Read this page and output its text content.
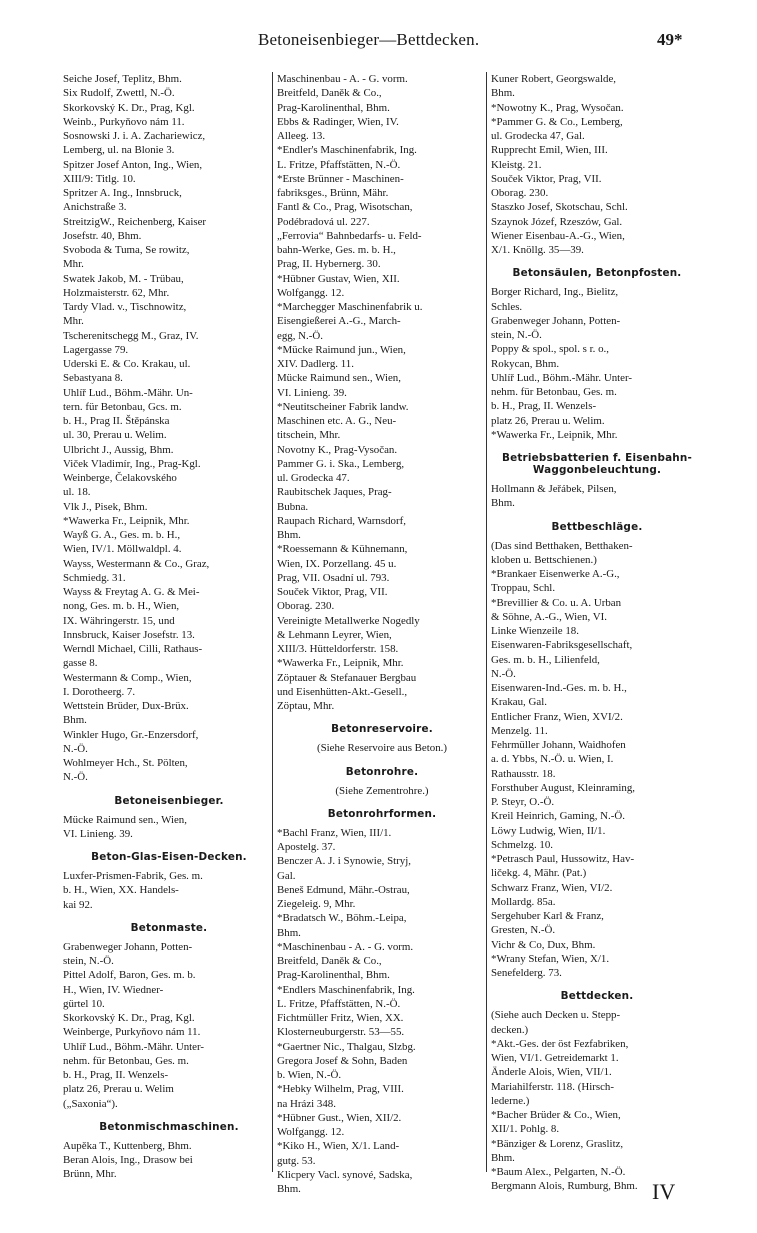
Betoneisenbieger—Bettdecken.	49*
Seiche Josef, Teplitz, Bhm.
Six Rudolf, Zwettl, N.-Ö.
Skorkovský K. Dr., Prag, Kgl.
Weinb., Purkyňovo nám 11.
Sosnowski J. i. A. Zachariewicz,
Lemberg, ul. na Blonie 3.
Spitzer Josef Anton, Ing., Wien,
XIII/9: Titlg. 10.
Spritzer A. Ing., Innsbruck,
Anichstraße 3.
StreitzigW., Reichenberg, Kaiser
Josefstr. 40, Bhm.
Svoboda & Tuma, Se rowitz,
Mhr.
Swatek Jakob, M. - Trübau,
Holzmaisterstr. 62, Mhr.
Tardy Vlad. v., Tischnowitz,
Mhr.
Tscherenitschegg M., Graz, IV.
Lagergasse 79.
Uderski E. & Co. Krakau, ul.
Sebastyana 8.
Uhlíř Lud., Böhm.-Mähr. Un-
tern. für Betonbau, Gcs. m.
b. H., Prag II. Štěpánska
ul. 30, Prerau u. Welim.
Ulbricht J., Aussig, Bhm.
Viček Vladimír, Ing., Prag-Kgl.
Weinberge, Čelakovského
ul. 18.
Vlk J., Pisek, Bhm.
*Wawerka Fr., Leipnik, Mhr.
Wayß G. A., Ges. m. b. H.,
Wien, IV/1. Möllwaldpl. 4.
Wayss, Westermann & Co., Graz,
Schmiedg. 31.
Wayss & Freytag A. G. & Mei-
nong, Ges. m. b. H., Wien,
IX. Währingerstr. 15, und
Innsbruck, Kaiser Josefstr. 13.
Werndl Michael, Cilli, Rathaus-
gasse 8.
Westermann & Comp., Wien,
I. Dorotheerg. 7.
Wettstein Brüder, Dux-Brüx.
Bhm.
Winkler Hugo, Gr.-Enzersdorf,
N.-Ö.
Wohlmeyer Hch., St. Pölten,
N.-Ö.
Betoneisenbieger.
Mücke Raimund sen., Wien,
VI. Linieng. 39.
Beton-Glas-Eisen-Decken.
Luxfer-Prismen-Fabrik, Ges. m.
b. H., Wien, XX. Handels-
kai 92.
Betonmaste.
Grabenweger Johann, Potten-
stein, N.-Ö.
Pittel Adolf, Baron, Ges. m. b.
H., Wien, IV. Wiedner-
gürtel 10.
Skorkovský K. Dr., Prag, Kgl.
Weinberge, Purkyňovo nám 11.
Uhlíř Lud., Böhm.-Mähr. Unter-
nehm. für Betonbau, Ges. m.
b. H., Prag, II. Wenzels-
platz 26, Prerau u. Welim
(„Saxonia“).
Betonmischmaschinen.
Aupěka T., Kuttenberg, Bhm.
Beran Alois, Ing., Drasow bei
Brünn, Mhr.
Maschinenbau - A. - G. vorm.
Breitfeld, Daněk & Co.,
Prag-Karolinenthal, Bhm.
Ebbs & Radinger, Wien, IV.
Alleeg. 13.
*Endler's Maschinenfabrik, Ing.
L. Fritze, Pfaffstätten, N.-Ö.
*Erste Brünner - Maschinen-
fabriksges., Brünn, Mähr.
Fantl & Co., Prag, Wisotschan,
Podébradová ul. 227.
„Ferrovia“ Bahnbedarfs- u. Feld-
bahn-Werke, Ges. m. b. H.,
Prag, II. Hybernerg. 30.
*Hübner Gustav, Wien, XII.
Wolfgangg. 12.
*Marchegger Maschinenfabrik u.
Eisengießerei A.-G., March-
egg, N.-Ö.
*Mücke Raimund jun., Wien,
XIV. Dadlerg. 11.
Mücke Raimund sen., Wien,
VI. Linieng. 39.
*Neutitscheiner Fabrik landw.
Maschinen etc. A. G., Neu-
titschein, Mhr.
Novotny K., Prag-Vysočan.
Pammer G. i. Ska., Lemberg,
ul. Grodecka 47.
Raubitschek Jaques, Prag-
Bubna.
Raupach Richard, Warnsdorf,
Bhm.
*Roessemann & Kühnemann,
Wien, IX. Porzellang. 45 u.
Prag, VII. Osadní ul. 793.
Souček Viktor, Prag, VII.
Oborag. 230.
Vereinigte Metallwerke Nogedly
& Lehmann Leyrer, Wien,
XIII/3. Hütteldorferstr. 158.
*Wawerka Fr., Leipnik, Mhr.
Zöptauer & Stefanauer Bergbau
und Eisenhütten-Akt.-Gesell.,
Zöptau, Mhr.
Betonreservoire.
(Siehe Reservoire aus Beton.)
Betonrohre.
(Siehe Zementrohre.)
Betonrohrformen.
*Bachl Franz, Wien, III/1.
Apostelg. 37.
Benczer A. J. i Synowie, Stryj,
Gal.
Beneš Edmund, Mähr.-Ostrau,
Ziegeleig. 9, Mhr.
*Bradatsch W., Böhm.-Leipa,
Bhm.
*Maschinenbau - A. - G. vorm.
Breitfeld, Daněk & Co.,
Prag-Karolinenthal, Bhm.
*Endlers Maschinenfabrik, Ing.
L. Fritze, Pfaffstätten, N.-Ö.
Fichtmüller Fritz, Wien, XX.
Klosterneuburgerstr. 53—55.
*Gaertner Nic., Thalgau, Slzbg.
Gregora Josef & Sohn, Baden
b. Wien, N.-Ö.
*Hebky Wilhelm, Prag, VIII.
na Hrázi 348.
*Hübner Gust., Wien, XII/2.
Wolfgangg. 12.
*Kiko H., Wien, X/1. Land-
gutg. 53.
Klicpery Vacl. synové, Sadska,
Bhm.
Kuner Robert, Georgswalde,
Bhm.
*Nowotny K., Prag, Wysočan.
*Pammer G. & Co., Lemberg,
ul. Grodecka 47, Gal.
Rupprecht Emil, Wien, III.
Kleistg. 21.
Souček Viktor, Prag, VII.
Oborag. 230.
Staszko Josef, Skotschau, Schl.
Szaynok Józef, Rzeszów, Gal.
Wiener Eisenbau-A.-G., Wien,
X/1. Knöllg. 35—39.
Betonsäulen, Betonpfosten.
Borger Richard, Ing., Bielitz,
Schles.
Grabenweger Johann, Potten-
stein, N.-Ö.
Poppy & spol., spol. s r. o.,
Rokycan, Bhm.
Uhlíř Lud., Böhm.-Mähr. Unter-
nehm. für Betonbau, Ges. m.
b. H., Prag, II. Wenzels-
platz 26, Prerau u. Welim.
*Wawerka Fr., Leipnik, Mhr.
Betriebsbatterien f. Eisenbahn-
Waggonbeleuchtung.
Hollmann & Jeřábek, Pilsen,
Bhm.
Bettbeschläge.
(Das sind Betthaken, Betthaken-
kloben u. Bettschienen.)
*Brankaer Eisenwerke A.-G.,
Troppau, Schl.
*Brevillier & Co. u. A. Urban
& Söhne, A.-G., Wien, VI.
Linke Wienzeile 18.
Eisenwaren-Fabriksgesellschaft,
Ges. m. b. H., Lilienfeld,
N.-Ö.
Eisenwaren-Ind.-Ges. m. b. H.,
Krakau, Gal.
Entlicher Franz, Wien, XVI/2.
Menzelg. 11.
Fehrmüller Johann, Waidhofen
a. d. Ybbs, N.-Ö. u. Wien, I.
Rathausstr. 18.
Forsthuber August, Kleinraming,
P. Steyr, O.-Ö.
Kreil Heinrich, Gaming, N.-Ö.
Löwy Ludwig, Wien, II/1.
Schmelzg. 10.
*Petrasch Paul, Hussowitz, Hav-
ličekg. 4, Mähr. (Pat.)
Schwarz Franz, Wien, VI/2.
Mollardg. 85a.
Sergehuber Karl & Franz,
Gresten, N.-Ö.
Vichr & Co, Dux, Bhm.
*Wrany Stefan, Wien, X/1.
Senefelderg. 73.
Bettdecken.
(Siehe auch Decken u. Stepp-
decken.)
*Akt.-Ges. der öst Fezfabriken,
Wien, VI/1. Getreidemarkt 1.
Änderle Alois, Wien, VII/1.
Mariahilferstr. 118. (Hirsch-
lederne.)
*Bacher Brüder & Co., Wien,
XII/1. Pohlg. 8.
*Bänziger & Lorenz, Graslitz,
Bhm.
*Baum Alex., Pelgarten, N.-Ö.
Bergmann Alois, Rumburg, Bhm. IV
